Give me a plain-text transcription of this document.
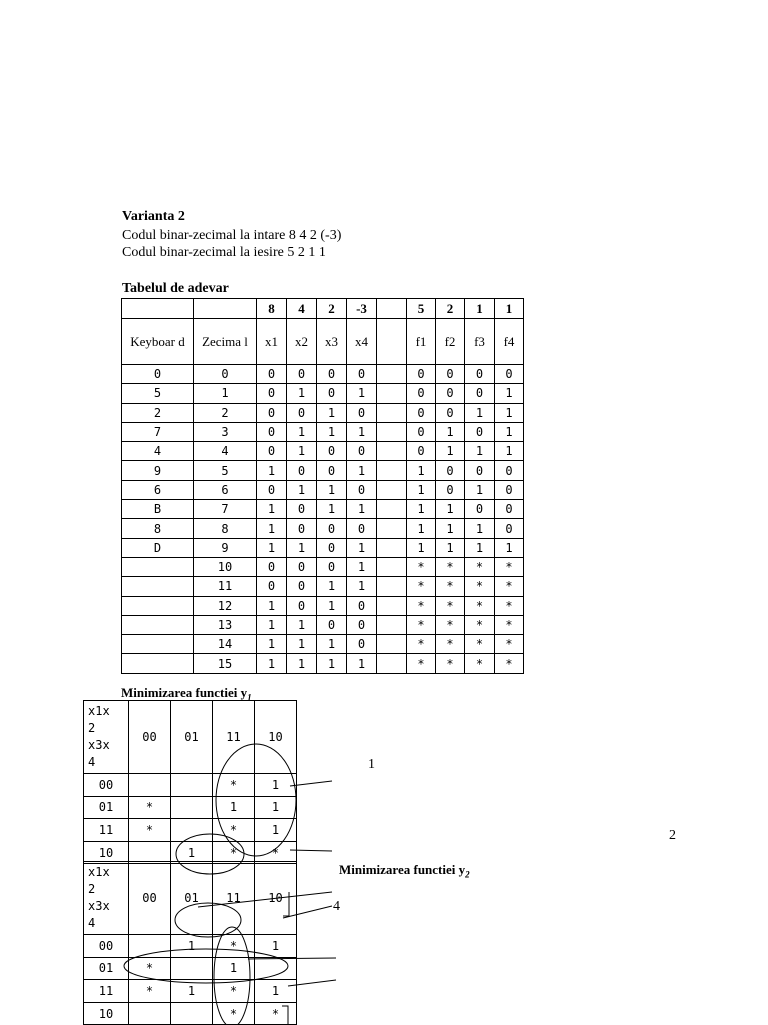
Varianta 2
Codul binar-zecimal la intare 8 4 2 (-3)
Codul binar-zecimal la iesire 5 2 1 1
Tabelul de adevar
		8	4	2	-3		5	2	1	1
Keyboar d	Zecima l	x1	x2	x3	x4		f1	f2	f3	f4
0	0	0	0	0	0		0	0	0	0
5	1	0	1	0	1		0	0	0	1
2	2	0	0	1	0		0	0	1	1
7	3	0	1	1	1		0	1	0	1
4	4	0	1	0	0		0	1	1	1
9	5	1	0	0	1		1	0	0	0
6	6	0	1	1	0		1	0	1	0
B	7	1	0	1	1		1	1	0	0
8	8	1	0	0	0		1	1	1	0
D	9	1	1	0	1		1	1	1	1
	10	0	0	0	1		*	*	*	*
	11	0	0	1	1		*	*	*	*
	12	1	0	1	0		*	*	*	*
	13	1	1	0	0		*	*	*	*
	14	1	1	1	0		*	*	*	*
	15	1	1	1	1		*	*	*	*
Minimizarea functiei $y_1$
x1x
2
x3x
4	00	01	11	10
00			*	1
01	*		1	1
11	*		*	1
10		1	*	*
Minimizarea functiei $y_2$
x1x
2
x3x
4	00	01	11	10
00		1	*	1
01	*		1	
11	*	1	*	1
10			*	*
1
2
4
